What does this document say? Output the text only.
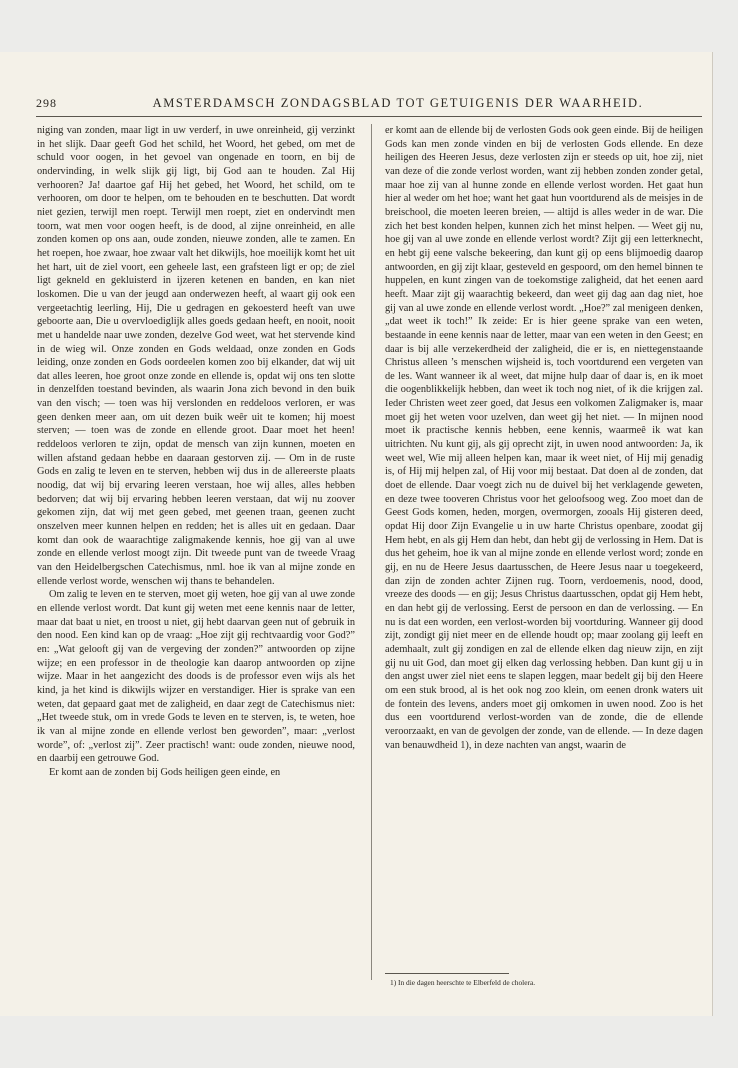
298	AMSTERDAMSCH ZONDAGSBLAD TOT GETUIGENIS DER WAARHEID.

niging van zonden, maar ligt in uw verderf, in uwe onreinheid, gij verzinkt in het slijk. Daar geeft God het schild, het Woord, het gebed, om met de schuld voor oogen, in het gevoel van ongenade en toorn, en bij de ondervinding, in welk slijk gij ligt, bij God aan te houden. Zal Hij verhooren? Ja! daartoe gaf Hij het gebed, het Woord, het schild, om te verhooren, om door te helpen, om te behouden en te beschutten. Dat wordt niet gezien, terwijl men roept. Terwijl men roept, ziet en ondervindt men toorn, wat men voor oogen heeft, is de dood, al zijne onreinheid, en alle zonden komen op ons aan, oude zonden, nieuwe zonden, alle te zamen. En het roepen, hoe zwaar, hoe zwaar valt het dikwijls, hoe moeilijk komt het uit het hart, uit de ziel voort, een geheele last, een grafsteen ligt er op; de ziel ligt gekneld en gekluisterd in ijzeren ketenen en banden, en kan niet loskomen. Die u van der jeugd aan onderwezen heeft, al waart gij ook een vergeetachtig leerling, Hij, Die u gedragen en gekoesterd heeft van uwe geboorte aan, Die u overvloediglijk alles goeds gedaan heeft, en nooit, nooit met u handelde naar uwe zonden, dezelve God weet, wat het stervende kind in de wieg wil. Onze zonden en Gods weldaad, onze zonden en Gods leiding, onze zonden en Gods oordeelen komen zoo bij elkander, dat wij uit dat alles leeren, hoe groot onze zonde en ellende is, opdat wij ons ten slotte in denzelfden toestand bevinden, als waarin Jona zich bevond in den buik van den visch; — toen was hij verslonden en reddeloos verloren, er was geen denken meer aan, om uit dezen buik weêr uit te komen; hij moest sterven; — toen was de zonde en ellende groot. Daar moet het heen! reddeloos verloren te zijn, opdat de mensch van zijn kunnen, moeten en willen afstand gedaan hebbe en daaraan gestorven zij. — Om in de ruste Gods en zalig te leven en te sterven, hebben wij dus in de allereerste plaats noodig, dat wij bij ervaring leeren verstaan, hoe wij alles, alles hebben bedorven; dat wij bij ervaring hebben leeren verstaan, dat wij nu zoover gekomen zijn, dat wij met geen gebed, met geenen traan, geenen zucht onszelven meer kunnen helpen en redden; het is alles uit en gedaan. Daar komt dan ook de waarachtige zaligmakende kennis, hoe gij van al uwe zonde en ellende verlost moogt zijn. Dit tweede punt van de tweede Vraag van den Heidelbergschen Catechismus, nml. hoe ik van al mijne zonde en ellende verlost worde, wenschen wij thans te behandelen.

Om zalig te leven en te sterven, moet gij weten, hoe gij van al uwe zonde en ellende verlost wordt. Dat kunt gij weten met eene kennis naar de letter, maar dat baat u niet, en troost u niet, gij hebt daarvan geen nut of gebruik in den nood. Een kind kan op de vraag: „Hoe zijt gij rechtvaardig voor God?” en: „Wat gelooft gij van de vergeving der zonden?” antwoorden op zijne wijze; en een professor in de theologie kan daarop antwoorden op zijne wijze. Maar in het aangezicht des doods is de professor even wijs als het kind, ja het kind is dikwijls wijzer en verstandiger. Hier is sprake van een weten, dat gepaard gaat met de zaligheid, en daar zegt de Catechismus niet: „Het tweede stuk, om in vrede Gods te leven en te sterven, is, te weten, hoe ik van al mijne zonde en ellende verlost ben geworden”, maar: „verlost worde”, of: „verlost zij”. Zeer practisch! want: oude zonden, nieuwe nood, en daarbij een getrouwe God.

Er komt aan de zonden bij Gods heiligen geen einde, en

er komt aan de ellende bij de verlosten Gods ook geen einde. Bij de heiligen Gods kan men zonde vinden en bij de verlosten Gods ellende. En deze heiligen des Heeren Jesus, deze verlosten zijn er steeds op uit, hoe zij, niet van deze of die zonde verlost worden, want zij hebben zonden zonder getal, maar hoe zij van al hunne zonde en ellende verlost worden. Het gaat hun hier al weder om het hoe; want het gaat hun voortdurend als de meisjes in de breischool, die moeten leeren breien, — altijd is alles weder in de war. Die zich het best konden helpen, kunnen zich het minst helpen. — Weet gij nu, hoe gij van al uwe zonde en ellende verlost wordt? Zijt gij een letterknecht, en hebt gij eene valsche bekeering, dan kunt gij op eens blijmoedig daarop antwoorden, en gij zijt klaar, gesteveld en gespoord, om den hemel binnen te huppelen, en kunt zingen van de toekomstige zaligheid, dat het eenen aard heeft. Maar zijt gij waarachtig bekeerd, dan weet gij dag aan dag niet, hoe gij van al uwe zonde en ellende verlost wordt. „Hoe?” zal menigeen denken, „dat weet ik toch!” Ik zeide: Er is hier geene sprake van een weten, bestaande in eene kennis naar de letter, maar van een weten in den Geest; en daar is bij alle verzekerdheid der zaligheid, die er is, en niettegenstaande Christus alleen ’s menschen wijsheid is, toch voortdurend een vergeten van de les. Want wanneer ik al weet, dat mijne hulp daar of daar is, en ik moet die oogenblikkelijk hebben, dan weet ik toch nog niet, of ik die krijgen zal. Ieder Christen weet zeer goed, dat Jesus een volkomen Zaligmaker is, maar moet gij het weten voor uzelven, dan weet gij het niet. — In mijnen nood moet ik practische kennis hebben, eene kennis, waarmeê ik wat kan uitrichten. Nu kunt gij, als gij oprecht zijt, in uwen nood antwoorden: Ja, ik weet wel, Wie mij alleen helpen kan, maar ik weet niet, of Hij mij genadig is, of Hij mij helpen zal, of Hij voor mij bestaat. Dat doen al de zonden, dat doet de ellende. Daar voegt zich nu de duivel bij het verklagende geweten, en deze twee tooveren Christus voor het geloofsoog weg. Zoo moet dan de Geest Gods komen, heden, morgen, overmorgen, zooals Hij gisteren deed, opdat Hij door Zijn Evangelie u in uw harte Christus openbare, zoodat gij Hem hebt, en als gij Hem dan hebt, dan hebt gij de verlossing in Hem. Dat is dus het geheim, hoe ik van al mijne zonde en ellende verlost word; zonde en gij, en nu de Heere Jesus daartusschen, de Heere Jesus naar u toegekeerd, dan zijn de zonden achter Zijnen rug. Toorn, verdoemenis, nood, dood, vreeze des doods — en gij; Jesus Christus daartusschen, opdat gij Hem hebt, en dan hebt gij de verlossing. Eerst de persoon en dan de verlossing. — En nu is dat een worden, een verlost-worden bij voortduring. Wanneer gij dood zijt, zondigt gij niet meer en de ellende houdt op; maar zoolang gij leeft en ademhaalt, zult gij zondigen en zal de ellende elken dag nieuw zijn, en zijt gij nu uit God, dan moet gij elken dag verlossing hebben. Dan kunt gij u in den angst uwer ziel niet eens te slapen leggen, maar bedelt gij bij den Heere om een stuk brood, al is het ook nog zoo klein, om eenen dronk waters uit de fontein des levens, anders moet gij omkomen in uwen nood. Zoo is het dus een voortdurend verlost-worden van de zonde, die de ellende veroorzaakt, en van de gevolgen der zonde, van de ellende. — In deze dagen van benauwdheid 1), in deze nachten van angst, waarin de

1) In die dagen heerschte te Elberfeld de cholera.
